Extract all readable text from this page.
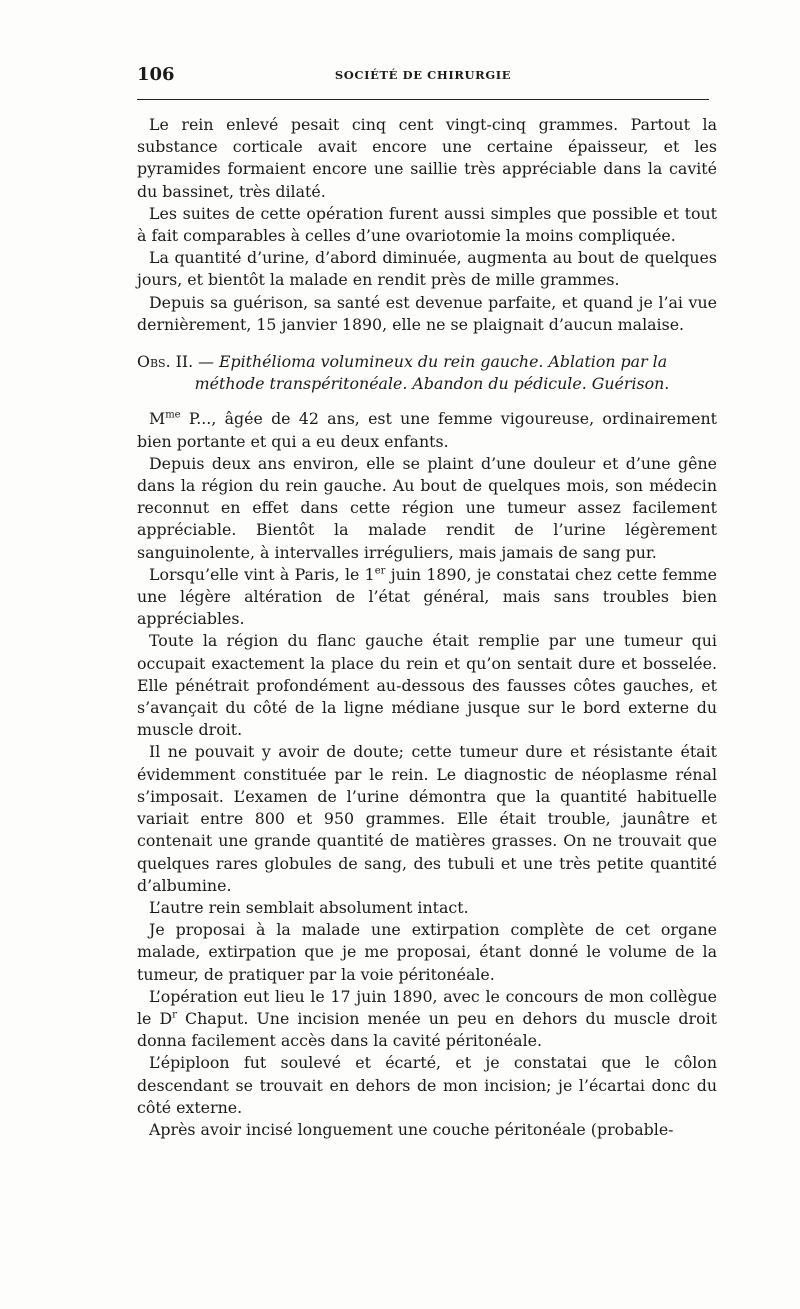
106	SOCIÉTÉ DE CHIRURGIE

Le rein enlevé pesait cinq cent vingt-cinq grammes. Partout la substance corticale avait encore une certaine épaisseur, et les pyramides formaient encore une saillie très appréciable dans la cavité du bassinet, très dilaté.

Les suites de cette opération furent aussi simples que possible et tout à fait comparables à celles d’une ovariotomie la moins compliquée.

La quantité d’urine, d’abord diminuée, augmenta au bout de quelques jours, et bientôt la malade en rendit près de mille grammes.

Depuis sa guérison, sa santé est devenue parfaite, et quand je l’ai vue dernièrement, 15 janvier 1890, elle ne se plaignait d’aucun malaise.

Obs. II. — Epithélioma volumineux du rein gauche. Ablation par la
méthode transpéritonéale. Abandon du pédicule. Guérison.

$M^{me}$ P..., âgée de 42 ans, est une femme vigoureuse, ordinairement bien portante et qui a eu deux enfants.

Depuis deux ans environ, elle se plaint d’une douleur et d’une gêne dans la région du rein gauche. Au bout de quelques mois, son médecin reconnut en effet dans cette région une tumeur assez facilement appréciable. Bientôt la malade rendit de l’urine légèrement sanguinolente, à intervalles irréguliers, mais jamais de sang pur.

Lorsqu’elle vint à Paris, le 1er juin 1890, je constatai chez cette femme une légère altération de l’état général, mais sans troubles bien appréciables.

Toute la région du flanc gauche était remplie par une tumeur qui occupait exactement la place du rein et qu’on sentait dure et bosselée. Elle pénétrait profondément au-dessous des fausses côtes gauches, et s’avançait du côté de la ligne médiane jusque sur le bord externe du muscle droit.

Il ne pouvait y avoir de doute; cette tumeur dure et résistante était évidemment constituée par le rein. Le diagnostic de néoplasme rénal s’imposait. L’examen de l’urine démontra que la quantité habituelle variait entre 800 et 950 grammes. Elle était trouble, jaunâtre et contenait une grande quantité de matières grasses. On ne trouvait que quelques rares globules de sang, des tubuli et une très petite quantité d’albumine.

L’autre rein semblait absolument intact.

Je proposai à la malade une extirpation complète de cet organe malade, extirpation que je me proposai, étant donné le volume de la tumeur, de pratiquer par la voie péritonéale.

L’opération eut lieu le 17 juin 1890, avec le concours de mon collègue le $D^r$ Chaput. Une incision menée un peu en dehors du muscle droit donna facilement accès dans la cavité péritonéale.

L’épiploon fut soulevé et écarté, et je constatai que le côlon descendant se trouvait en dehors de mon incision; je l’écartai donc du côté externe.

Après avoir incisé longuement une couche péritonéale (probable-
